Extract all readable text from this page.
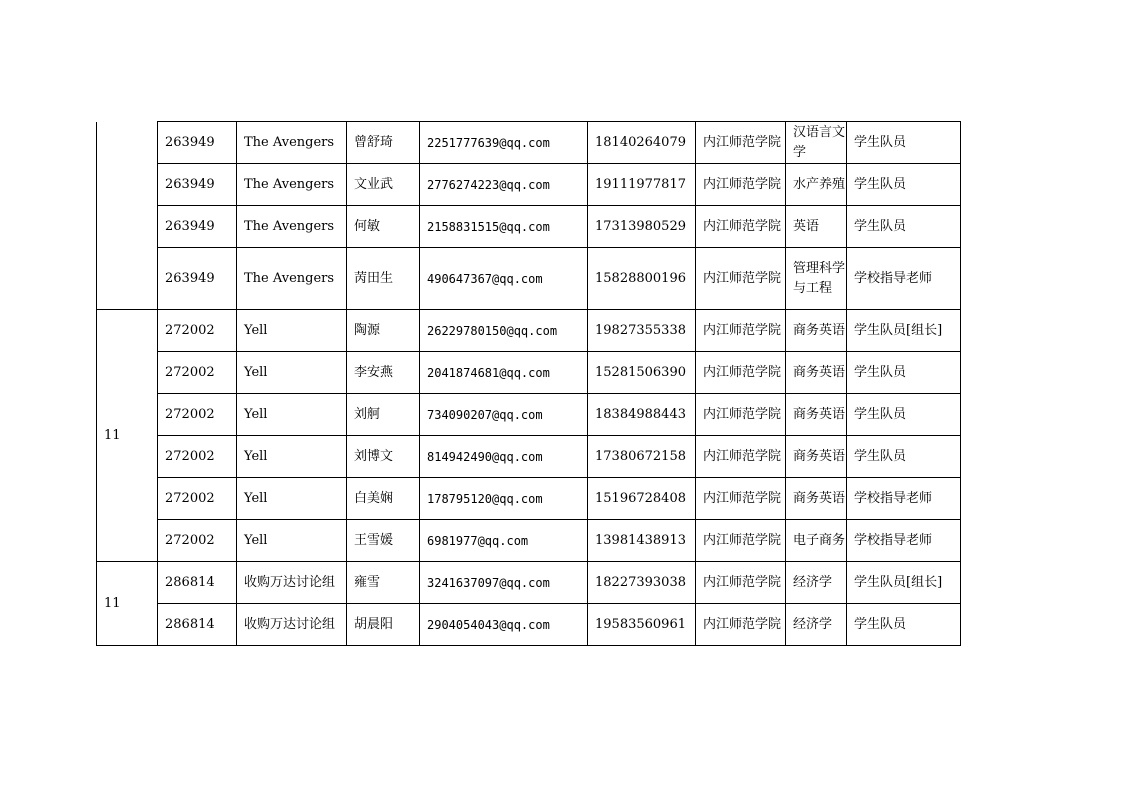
	263949	The Avengers	曾舒琦	2251777639@qq.com	18140264079	内江师范学院	汉语言文学	学生队员
	263949	The Avengers	文业武	2776274223@qq.com	19111977817	内江师范学院	水产养殖	学生队员
	263949	The Avengers	何敏	2158831515@qq.com	17313980529	内江师范学院	英语	学生队员
	263949	The Avengers	苪田生	490647367@qq.com	15828800196	内江师范学院	管理科学与工程	学校指导老师
11	272002	Yell	陶源	26229780150@qq.com	19827355338	内江师范学院	商务英语	学生队员[组长]
	272002	Yell	李安燕	2041874681@qq.com	15281506390	内江师范学院	商务英语	学生队员
	272002	Yell	刘舸	734090207@qq.com	18384988443	内江师范学院	商务英语	学生队员
	272002	Yell	刘博文	814942490@qq.com	17380672158	内江师范学院	商务英语	学生队员
	272002	Yell	白美娴	178795120@qq.com	15196728408	内江师范学院	商务英语	学校指导老师
	272002	Yell	王雪媛	6981977@qq.com	13981438913	内江师范学院	电子商务	学校指导老师
11	286814	收购万达讨论组	雍雪	3241637097@qq.com	18227393038	内江师范学院	经济学	学生队员[组长]
	286814	收购万达讨论组	胡晨阳	2904054043@qq.com	19583560961	内江师范学院	经济学	学生队员
